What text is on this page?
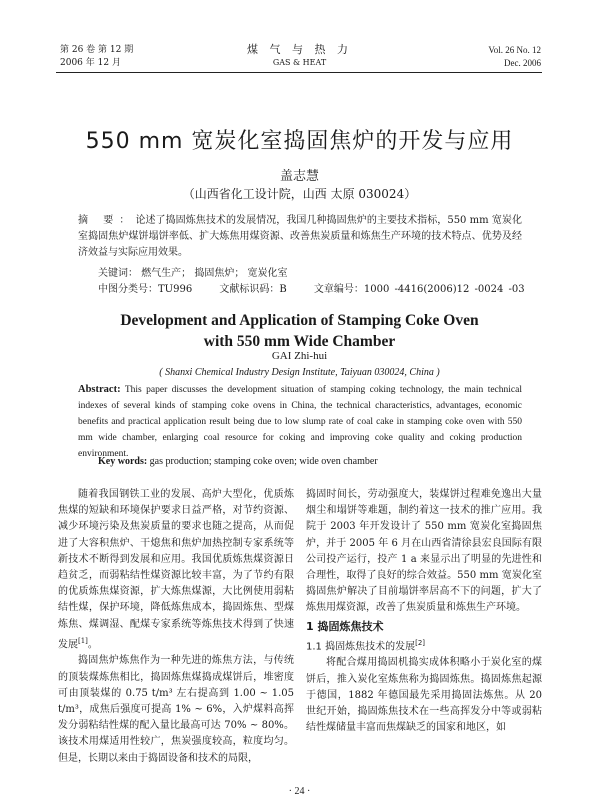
第 26 卷 第 12 期
2006 年 12 月
煤 气 与 热 力
GAS & HEAT
Vol. 26 No. 12
Dec. 2006
550 mm 宽炭化室捣固焦炉的开发与应用
盖志慧
（山西省化工设计院，山西 太原 030024）
摘 要：论述了捣固炼焦技术的发展情况，我国几种捣固焦炉的主要技术指标，550 mm 宽炭化室捣固焦炉煤饼塌饼率低、扩大炼焦用煤资源、改善焦炭质量和炼焦生产环境的技术特点、优势及经济效益与实际应用效果。
关键词： 燃气生产； 捣固焦炉； 宽炭化室
中图分类号：TU996	文献标识码：B	文章编号：1000 -4416(2006)12 -0024 -03
Development and Application of Stamping Coke Oven
with 550 mm Wide Chamber
GAI Zhi-hui
( Shanxi Chemical Industry Design Institute, Taiyuan 030024, China )
Abstract: This paper discusses the development situation of stamping coking technology, the main technical indexes of several kinds of stamping coke ovens in China, the technical characteristics, advantages, economic benefits and practical application result being due to low slump rate of coal cake in stamping coke oven with 550 mm wide chamber, enlarging coal resource for coking and improving coke quality and coking production environment.
Key words: gas production; stamping coke oven; wide oven chamber

随着我国钢铁工业的发展、高炉大型化，优质炼焦煤的短缺和环境保护要求日益严格，对节约资源、减少环境污染及焦炭质量的要求也随之提高，从而促进了大容积焦炉、干熄焦和焦炉加热控制专家系统等新技术不断得到发展和应用。我国优质炼焦煤资源日趋贫乏，而弱粘结性煤资源比较丰富，为了节约有限的优质炼焦煤资源，扩大炼焦煤源，大比例使用弱粘结性煤，保护环境，降低炼焦成本，捣固炼焦、型煤炼焦、煤调湿、配煤专家系统等炼焦技术得到了快速发展[1]。

捣固焦炉炼焦作为一种先进的炼焦方法，与传统的顶装煤炼焦相比，捣固炼焦煤捣成煤饼后，堆密度可由顶装煤的 0.75 t/m³ 左右提高到 1.00 ~ 1.05 t/m³，成焦后强度可提高 1% ~ 6%，入炉煤料高挥发分弱粘结性煤的配入量比最高可达 70% ~ 80%。该技术用煤适用性较广，焦炭强度较高，粒度均匀。但是，长期以来由于捣固设备和技术的局限，

捣固时间长，劳动强度大，装煤饼过程难免逸出大量烟尘和塌饼等难题，制约着这一技术的推广应用。我院于 2003 年开发设计了 550 mm 宽炭化室捣固焦炉，并于 2005 年 6 月在山西省清徐县宏良国际有限公司投产运行，投产 1 a 来显示出了明显的先进性和合理性，取得了良好的综合效益。550 mm 宽炭化室捣固焦炉解决了目前塌饼率居高不下的问题，扩大了炼焦用煤资源，改善了焦炭质量和炼焦生产环境。

1 捣固炼焦技术
1.1 捣固炼焦技术的发展[2]

将配合煤用捣固机捣实成体积略小于炭化室的煤饼后，推入炭化室炼焦称为捣固炼焦。捣固炼焦起源于德国，1882 年德国最先采用捣固法炼焦。从 20 世纪开始，捣固炼焦技术在一些高挥发分中等或弱粘结性煤储量丰富而焦煤缺乏的国家和地区，如

· 24 ·
